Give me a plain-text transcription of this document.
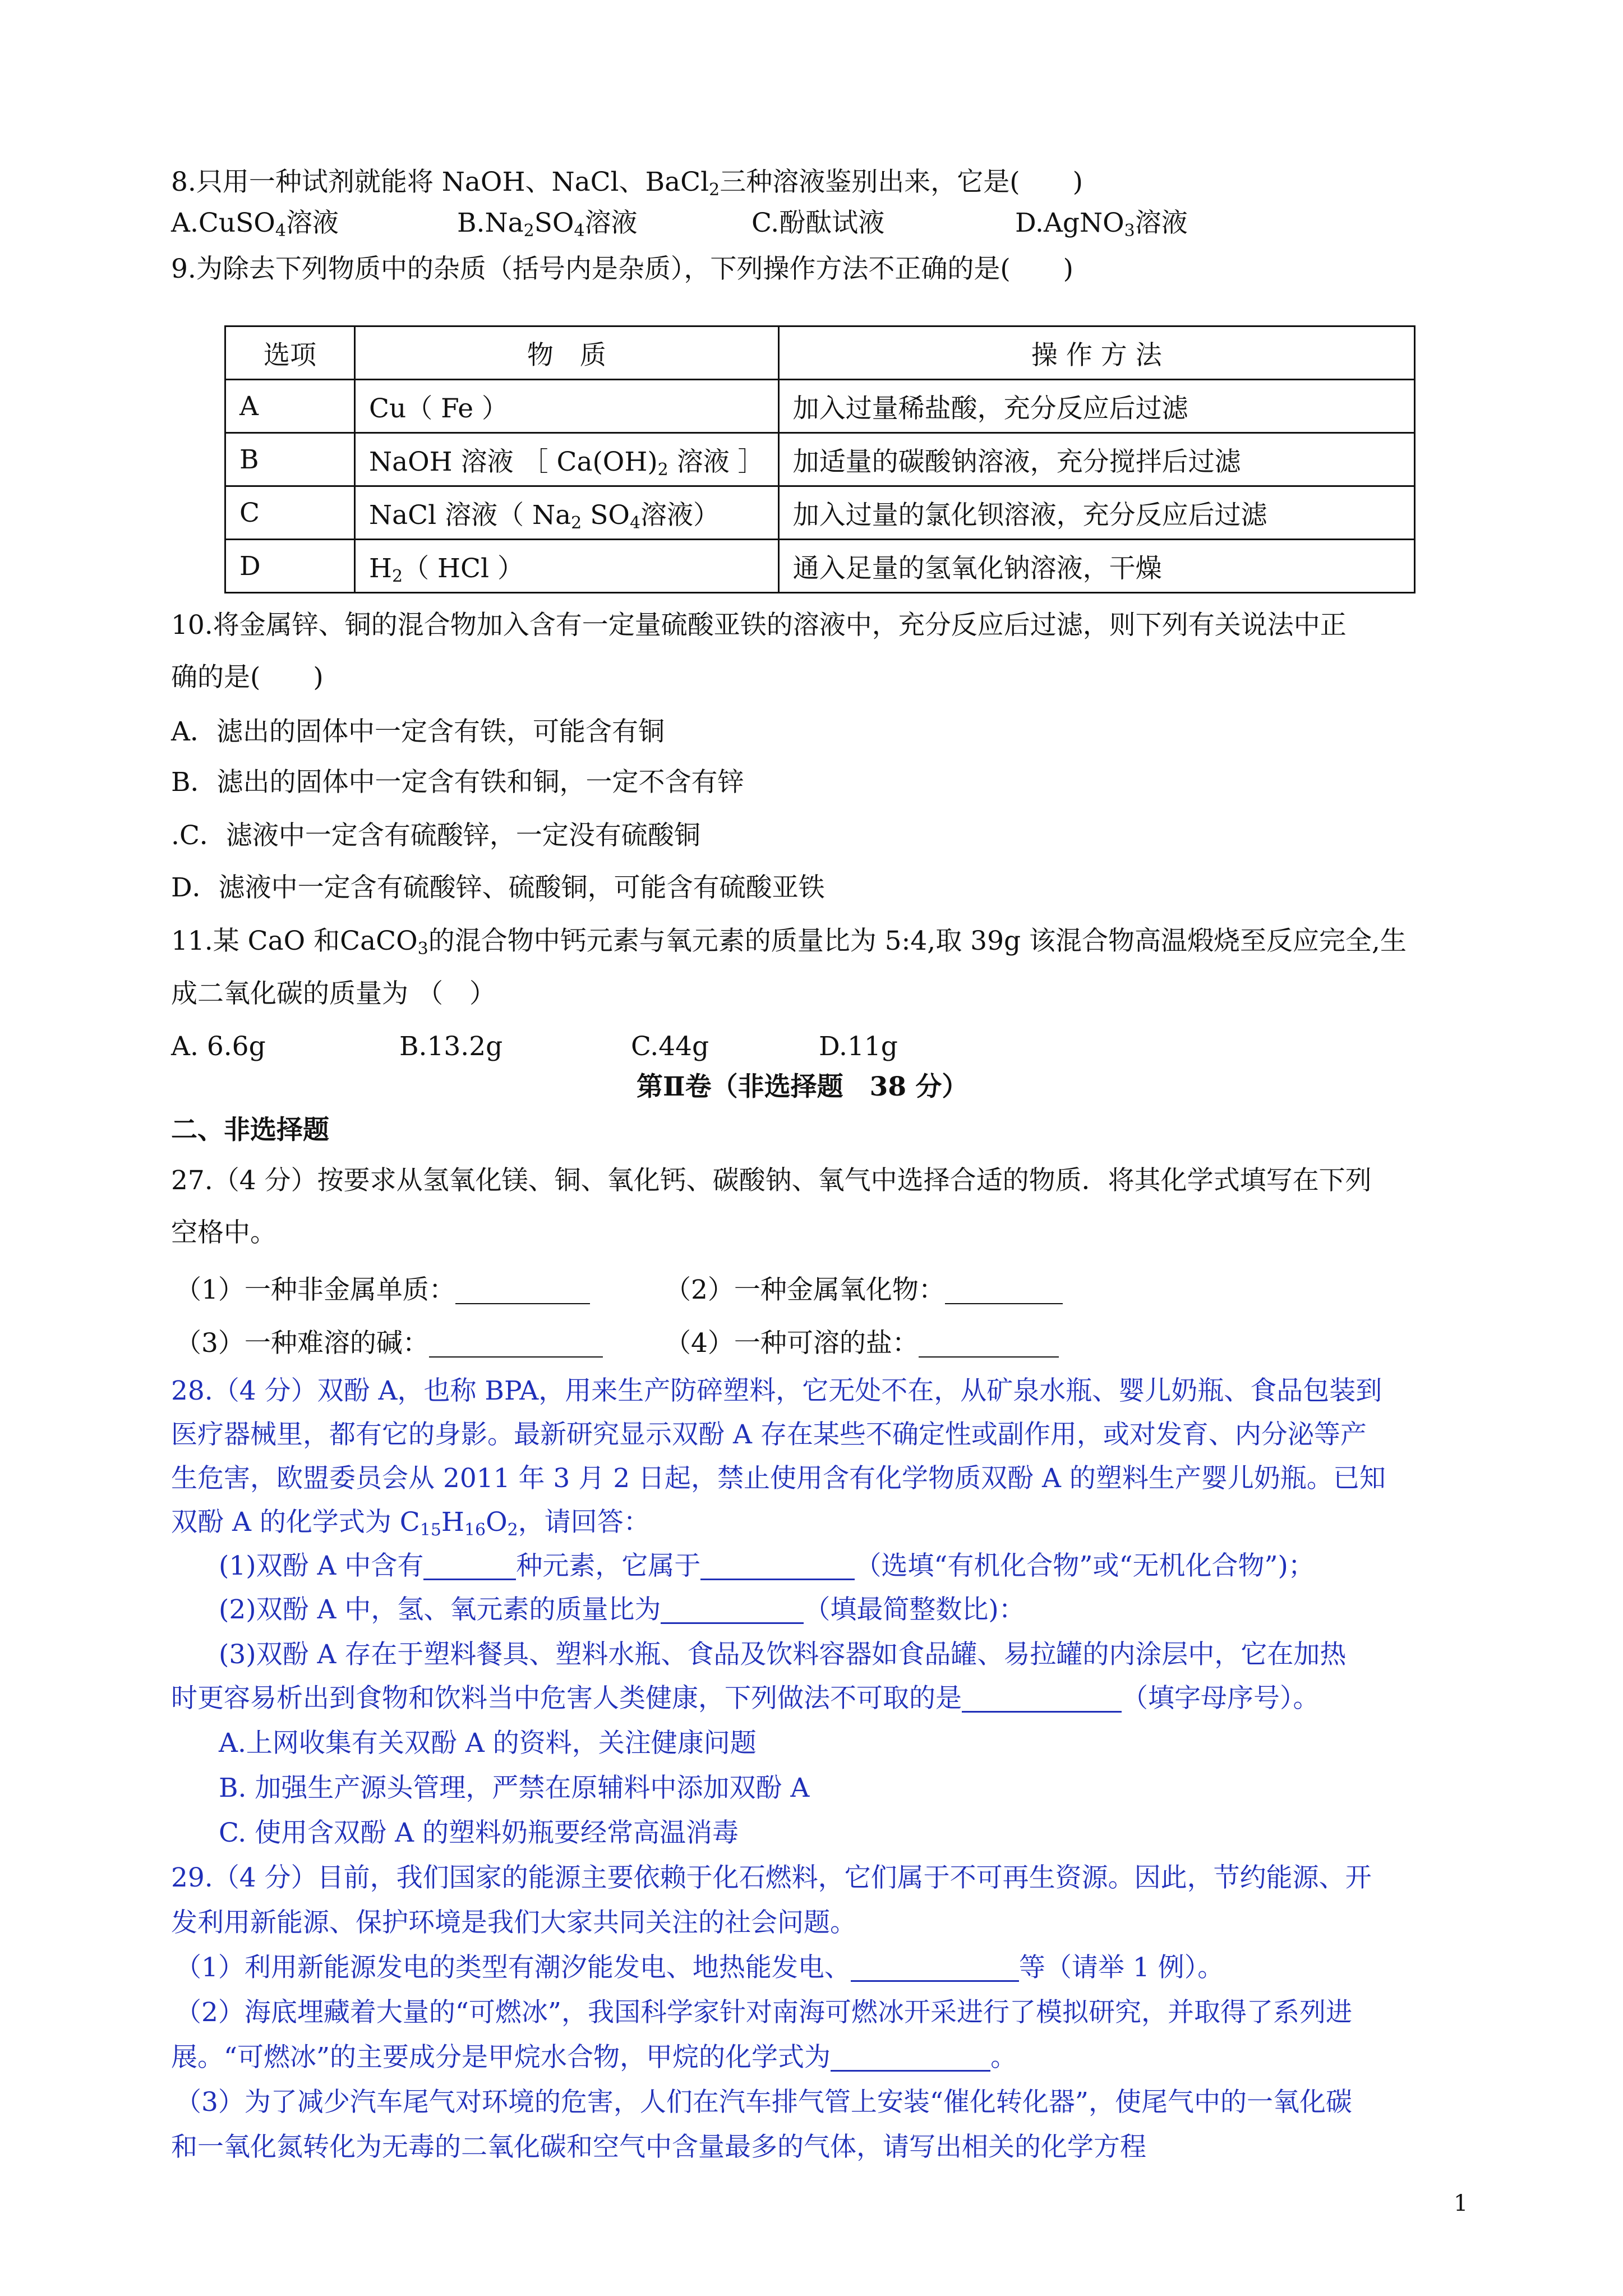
8.只用一种试剂就能将 NaOH、NaCl、BaCl$_2$三种溶液鉴别出来，它是(　　)
A.CuSO$_4$溶液	$B.Na_2SO_4$溶液	C.酚酞试液	D.AgNO$_3$溶液
9.为除去下列物质中的杂质（括号内是杂质），下列操作方法不正确的是(　　)
选项	物　质	操 作 方 法
A	Cu（ Fe ）	加入过量稀盐酸，充分反应后过滤
B	NaOH 溶液 ［ $Ca(OH)_2$ 溶液 ］	加适量的碳酸钠溶液，充分搅拌后过滤
C	NaCl 溶液（ $Na_2$ $SO_4$溶液）	加入过量的氯化钡溶液，充分反应后过滤
D	$H_2$（ HCl ）	通入足量的氢氧化钠溶液，干燥
10.将金属锌、铜的混合物加入含有一定量硫酸亚铁的溶液中，充分反应后过滤，则下列有关说法中正
确的是(　　)
A．滤出的固体中一定含有铁，可能含有铜
B．滤出的固体中一定含有铁和铜，一定不含有锌
.C．滤液中一定含有硫酸锌，一定没有硫酸铜
D．滤液中一定含有硫酸锌、硫酸铜，可能含有硫酸亚铁
11.某 CaO 和CaCO$_3$的混合物中钙元素与氧元素的质量比为 5:4,取 39g 该混合物高温煅烧至反应完全,生
成二氧化碳的质量为 （　）
A. 6.6g	B.13.2g	C.44g	D.11g
第Ⅱ卷（非选择题　38 分）
二、非选择题
27.（4 分）按要求从氢氧化镁、铜、氧化钙、碳酸钠、氧气中选择合适的物质．将其化学式填写在下列
空格中。
（1）一种非金属单质：	（2）一种金属氧化物：
（3）一种难溶的碱：	（4）一种可溶的盐：
28.（4 分）双酚 A，也称 BPA，用来生产防碎塑料，它无处不在，从矿泉水瓶、婴儿奶瓶、食品包装到
医疗器械里，都有它的身影。最新研究显示双酚 A 存在某些不确定性或副作用，或对发育、内分泌等产
生危害，欧盟委员会从 2011 年 3 月 2 日起，禁止使用含有化学物质双酚 A 的塑料生产婴儿奶瓶。已知
双酚 A 的化学式为 $C_{15}H_{16}O_2$，请回答：
(1)双酚 A 中含有	种元素，它属于	（选填“有机化合物”或“无机化合物”)；
(2)双酚 A 中，氢、氧元素的质量比为	（填最简整数比)：
(3)双酚 A 存在于塑料餐具、塑料水瓶、食品及饮料容器如食品罐、易拉罐的内涂层中，它在加热
时更容易析出到食物和饮料当中危害人类健康，下列做法不可取的是	（填字母序号）。
A.上网收集有关双酚 A 的资料，关注健康问题
B. 加强生产源头管理，严禁在原辅料中添加双酚 A
C. 使用含双酚 A 的塑料奶瓶要经常高温消毒
29.（4 分）目前，我们国家的能源主要依赖于化石燃料，它们属于不可再生资源。因此，节约能源、开
发利用新能源、保护环境是我们大家共同关注的社会问题。
（1）利用新能源发电的类型有潮汐能发电、地热能发电、	等（请举 1 例）。
（2）海底埋藏着大量的“可燃冰”，我国科学家针对南海可燃冰开采进行了模拟研究，并取得了系列进
展。“可燃冰”的主要成分是甲烷水合物，甲烷的化学式为	。
（3）为了减少汽车尾气对环境的危害，人们在汽车排气管上安装“催化转化器”，使尾气中的一氧化碳
和一氧化氮转化为无毒的二氧化碳和空气中含量最多的气体，请写出相关的化学方程
1
